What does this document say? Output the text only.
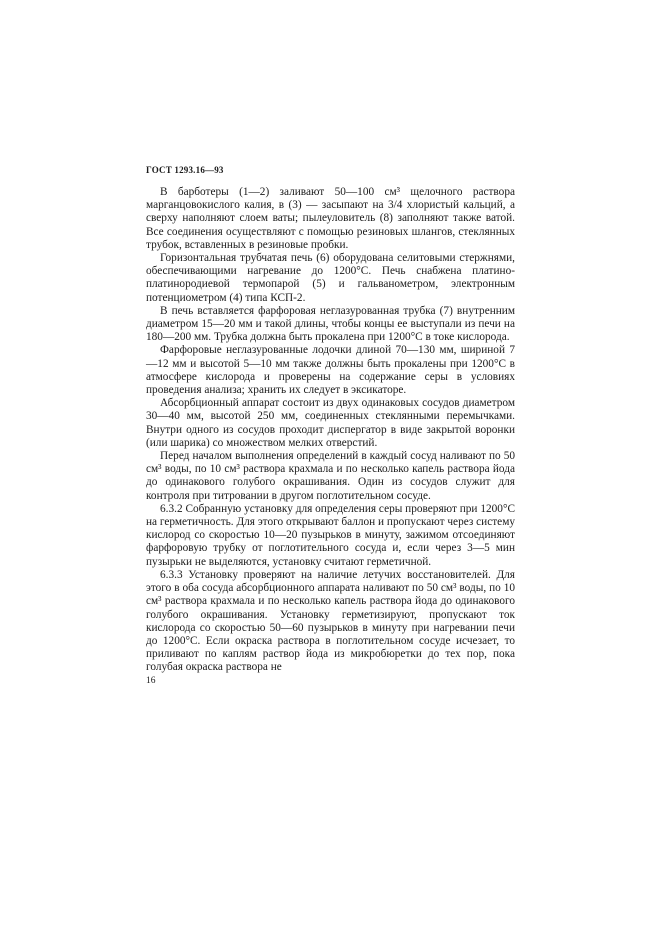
ГОСТ 1293.16—93

В барботеры (1—2) заливают 50—100 см³ щелочного раствора марганцовокислого калия, в (3) — засыпают на 3/4 хлористый кальций, а сверху наполняют слоем ваты; пылеуловитель (8) заполняют также ватой. Все соединения осуществляют с помощью резиновых шлангов, стеклянных трубок, вставленных в резиновые пробки.

Горизонтальная трубчатая печь (6) оборудована селитовыми стержнями, обеспечивающими нагревание до 1200°С. Печь снабжена платино-платинородиевой термопарой (5) и гальванометром, электронным потенциометром (4) типа КСП-2.

В печь вставляется фарфоровая неглазурованная трубка (7) внутренним диаметром 15—20 мм и такой длины, чтобы концы ее выступали из печи на 180—200 мм. Трубка должна быть прокалена при 1200°С в токе кислорода.

Фарфоровые неглазурованные лодочки длиной 70—130 мм, шириной 7—12 мм и высотой 5—10 мм также должны быть прокалены при 1200°С в атмосфере кислорода и проверены на содержание серы в условиях проведения анализа; хранить их следует в эксикаторе.

Абсорбционный аппарат состоит из двух одинаковых сосудов диаметром 30—40 мм, высотой 250 мм, соединенных стеклянными перемычками. Внутри одного из сосудов проходит диспергатор в виде закрытой воронки (или шарика) со множеством мелких отверстий.

Перед началом выполнения определений в каждый сосуд наливают по 50 см³ воды, по 10 см³ раствора крахмала и по несколько капель раствора йода до одинакового голубого окрашивания. Один из сосудов служит для контроля при титровании в другом поглотительном сосуде.

6.3.2 Собранную установку для определения серы проверяют при 1200°С на герметичность. Для этого открывают баллон и пропускают через систему кислород со скоростью 10—20 пузырьков в минуту, зажимом отсоединяют фарфоровую трубку от поглотительного сосуда и, если через 3—5 мин пузырьки не выделяются, установку считают герметичной.

6.3.3 Установку проверяют на наличие летучих восстановителей. Для этого в оба сосуда абсорбционного аппарата наливают по 50 см³ воды, по 10 см³ раствора крахмала и по несколько капель раствора йода до одинакового голубого окрашивания. Установку герметизируют, пропускают ток кислорода со скоростью 50—60 пузырьков в минуту при нагревании печи до 1200°С. Если окраска раствора в поглотительном сосуде исчезает, то приливают по каплям раствор йода из микробюретки до тех пор, пока голубая окраска раствора не

16
